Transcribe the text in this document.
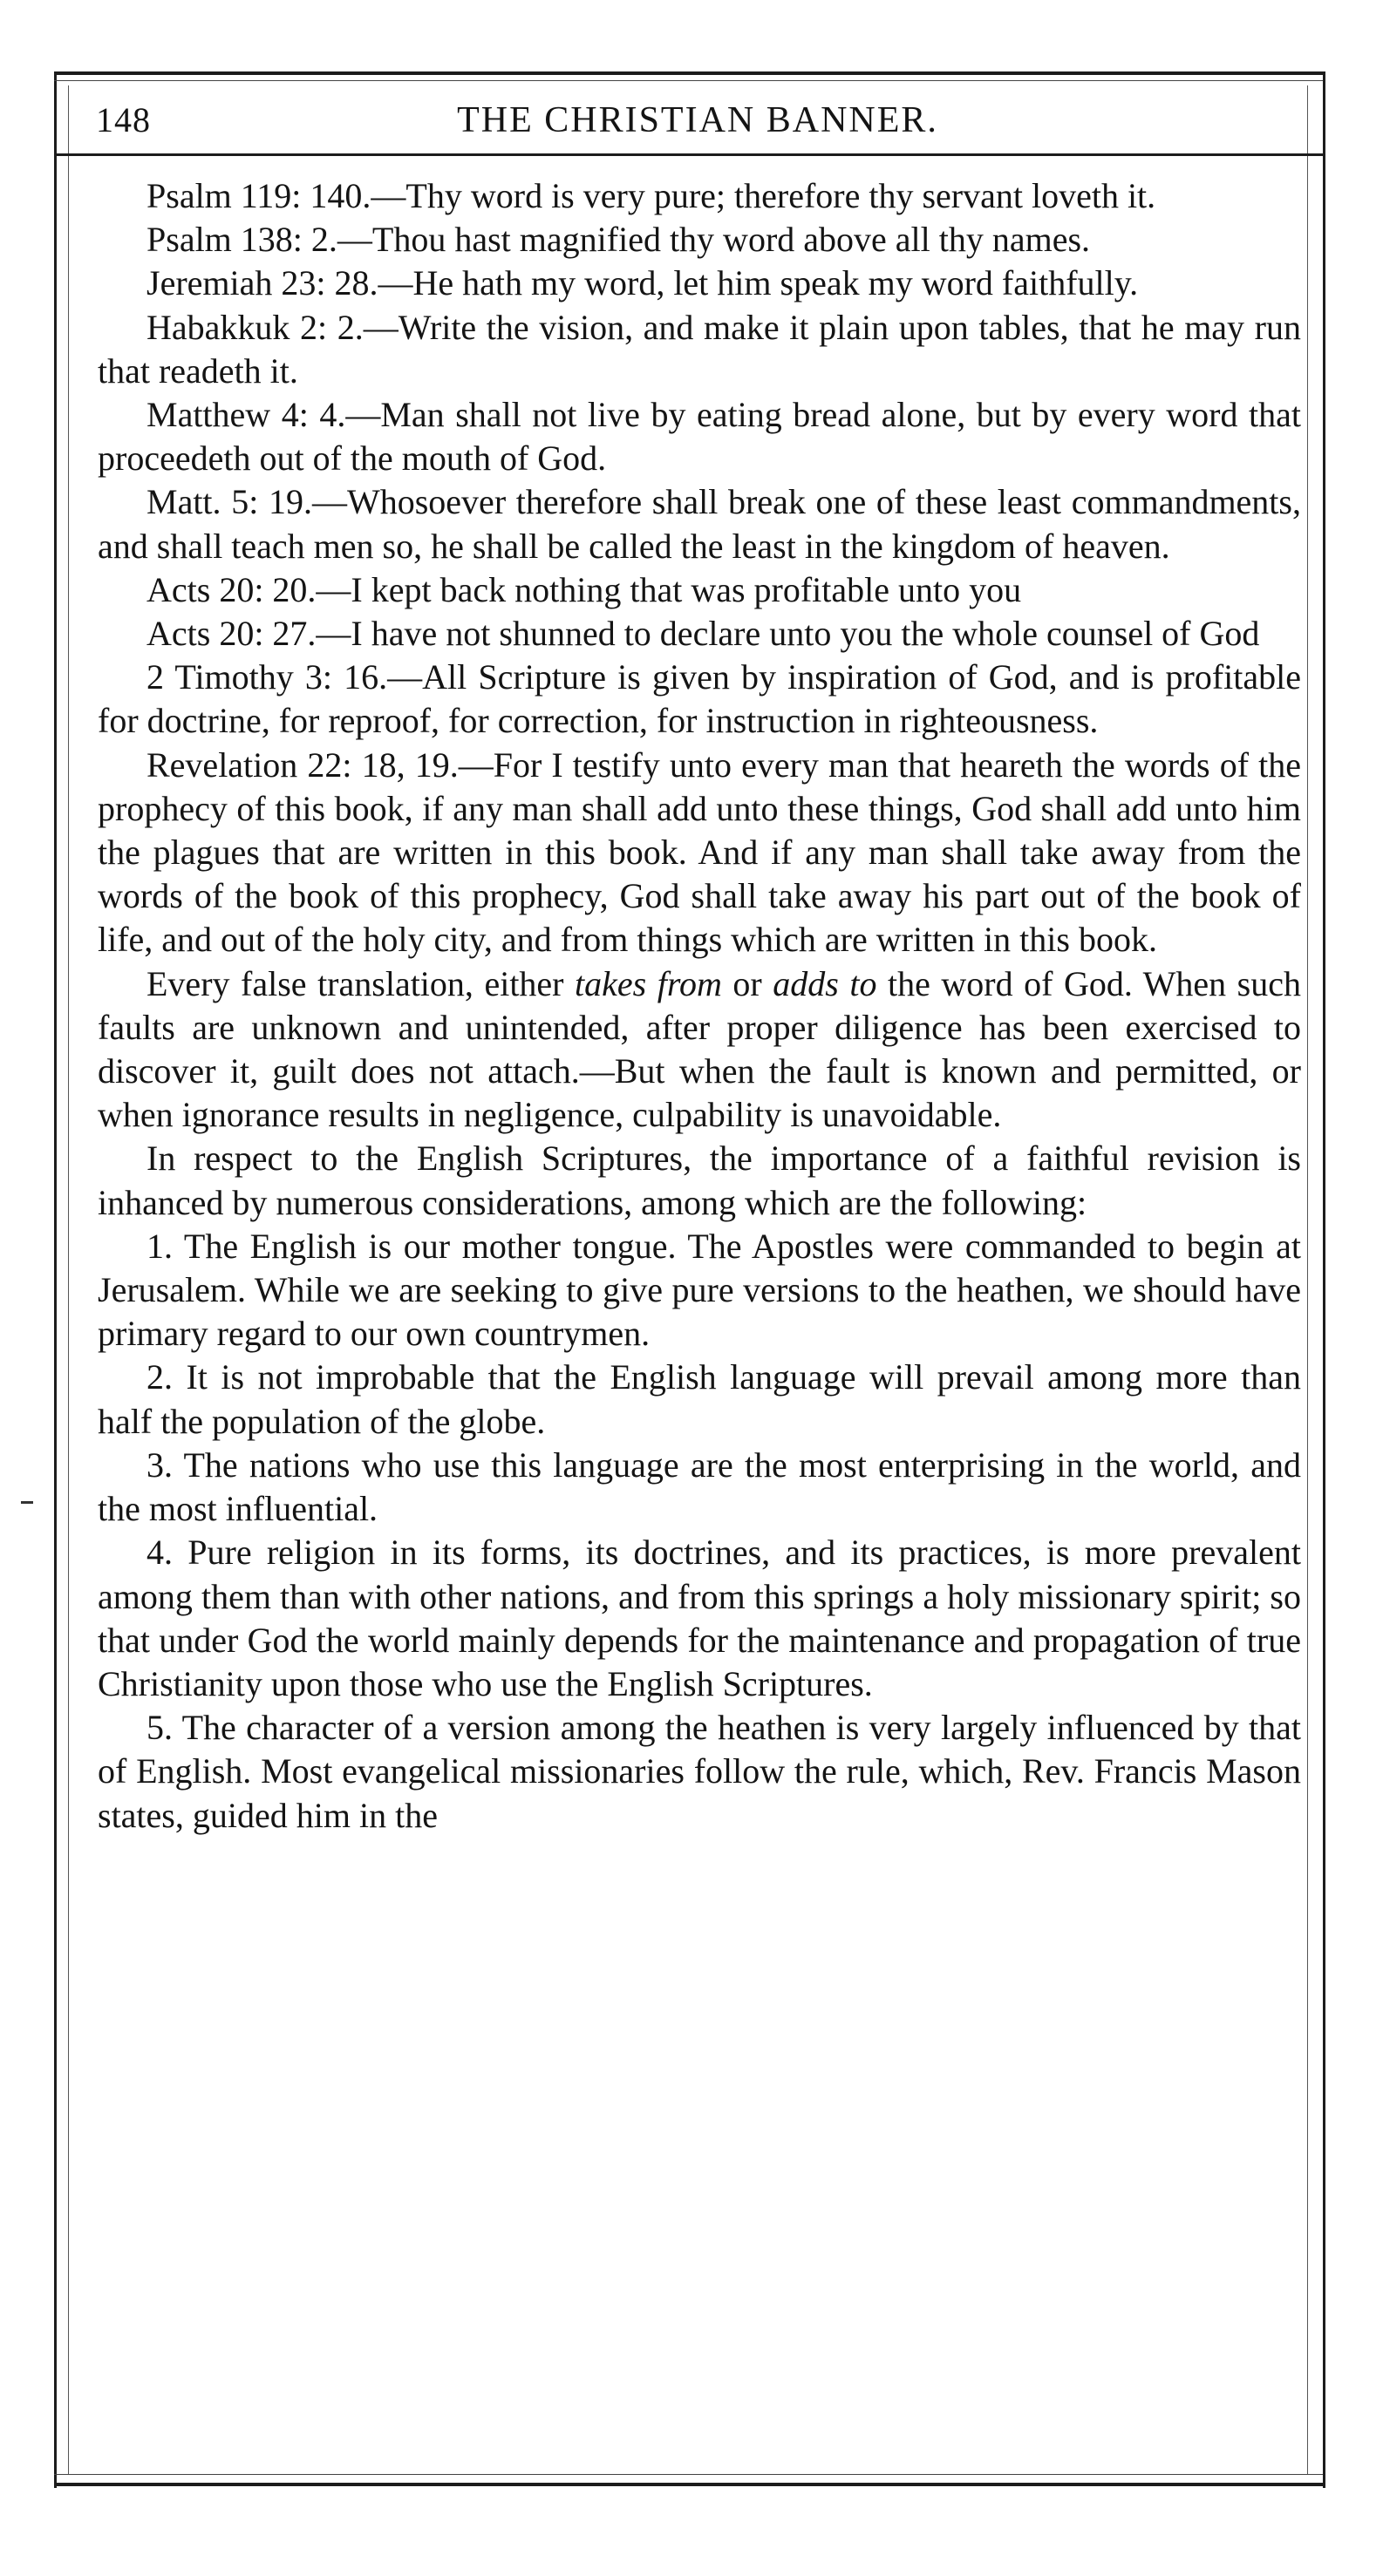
148	THE CHRISTIAN BANNER.

Psalm 119: 140.—Thy word is very pure; therefore thy servant loveth it.

Psalm 138: 2.—Thou hast magnified thy word above all thy names.

Jeremiah 23: 28.—He hath my word, let him speak my word faithfully.

Habakkuk 2: 2.—Write the vision, and make it plain upon tables, that he may run that readeth it.

Matthew 4: 4.—Man shall not live by eating bread alone, but by every word that proceedeth out of the mouth of God.

Matt. 5: 19.—Whosoever therefore shall break one of these least commandments, and shall teach men so, he shall be called the least in the kingdom of heaven.

Acts 20: 20.—I kept back nothing that was profitable unto you

Acts 20: 27.—I have not shunned to declare unto you the whole counsel of God

2 Timothy 3: 16.—All Scripture is given by inspiration of God, and is profitable for doctrine, for reproof, for correction, for instruction in righteousness.

Revelation 22: 18, 19.—For I testify unto every man that heareth the words of the prophecy of this book, if any man shall add unto these things, God shall add unto him the plagues that are written in this book. And if any man shall take away from the words of the book of this prophecy, God shall take away his part out of the book of life, and out of the holy city, and from things which are written in this book.

Every false translation, either takes from or adds to the word of God. When such faults are unknown and unintended, after proper diligence has been exercised to discover it, guilt does not attach.—But when the fault is known and permitted, or when ignorance results in negligence, culpability is unavoidable.

In respect to the English Scriptures, the importance of a faithful revision is inhanced by numerous considerations, among which are the following:

1. The English is our mother tongue. The Apostles were commanded to begin at Jerusalem. While we are seeking to give pure versions to the heathen, we should have primary regard to our own countrymen.

2. It is not improbable that the English language will prevail among more than half the population of the globe.

3. The nations who use this language are the most enterprising in the world, and the most influential.

4. Pure religion in its forms, its doctrines, and its practices, is more prevalent among them than with other nations, and from this springs a holy missionary spirit; so that under God the world mainly depends for the maintenance and propagation of true Christianity upon those who use the English Scriptures.

5. The character of a version among the heathen is very largely influenced by that of English. Most evangelical missionaries follow the rule, which, Rev. Francis Mason states, guided him in the
